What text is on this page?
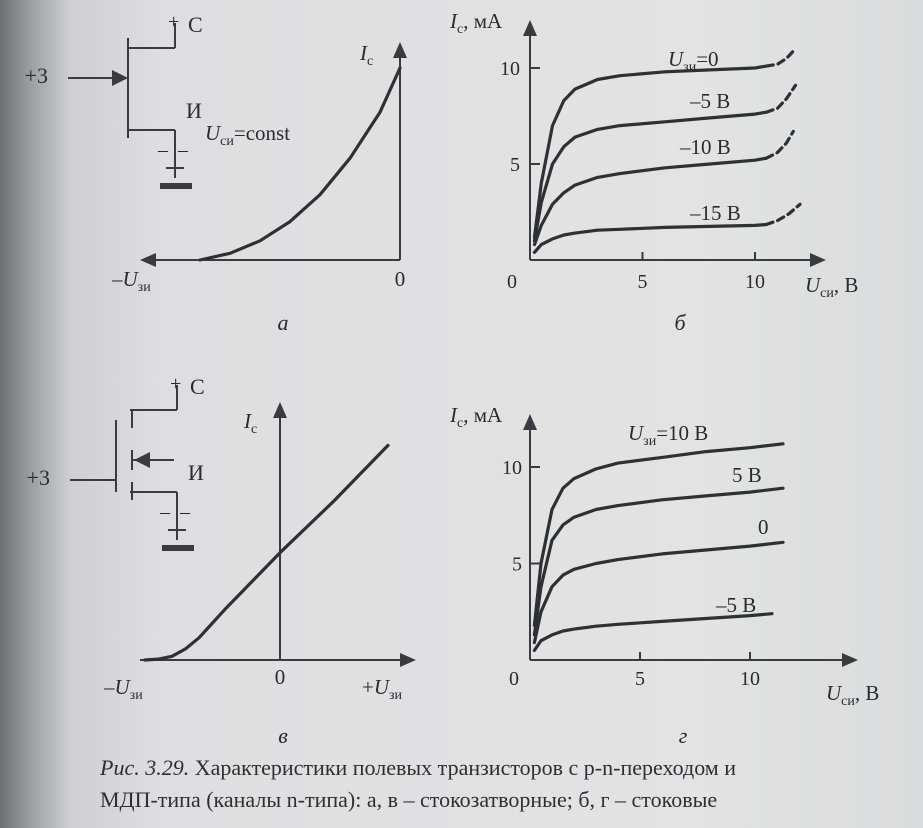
+ С
И
– –
+3
+ С
И
– –
+3
$-U_{зи}$
$I_с$
0
$U_{си}=const$
а
0	5	10
5
10
$U_{си}$, В
$I_с$, мА
$U_{зи}=0$
–5 В
–10 В
–15 В
б
$-U_{зи}$	$+U_{зи}$
$I_с$
0
в
0	5	10
5
10
$U_{си}$, В
$I_с$, мА
$U_{зи}=10$ В
5 В
0
–5 В
г
Рис. 3.29. Характеристики полевых транзисторов с p-n-переходом и
МДП-типа (каналы n-типа): а, в – стокозатворные; б, г – стоковые
